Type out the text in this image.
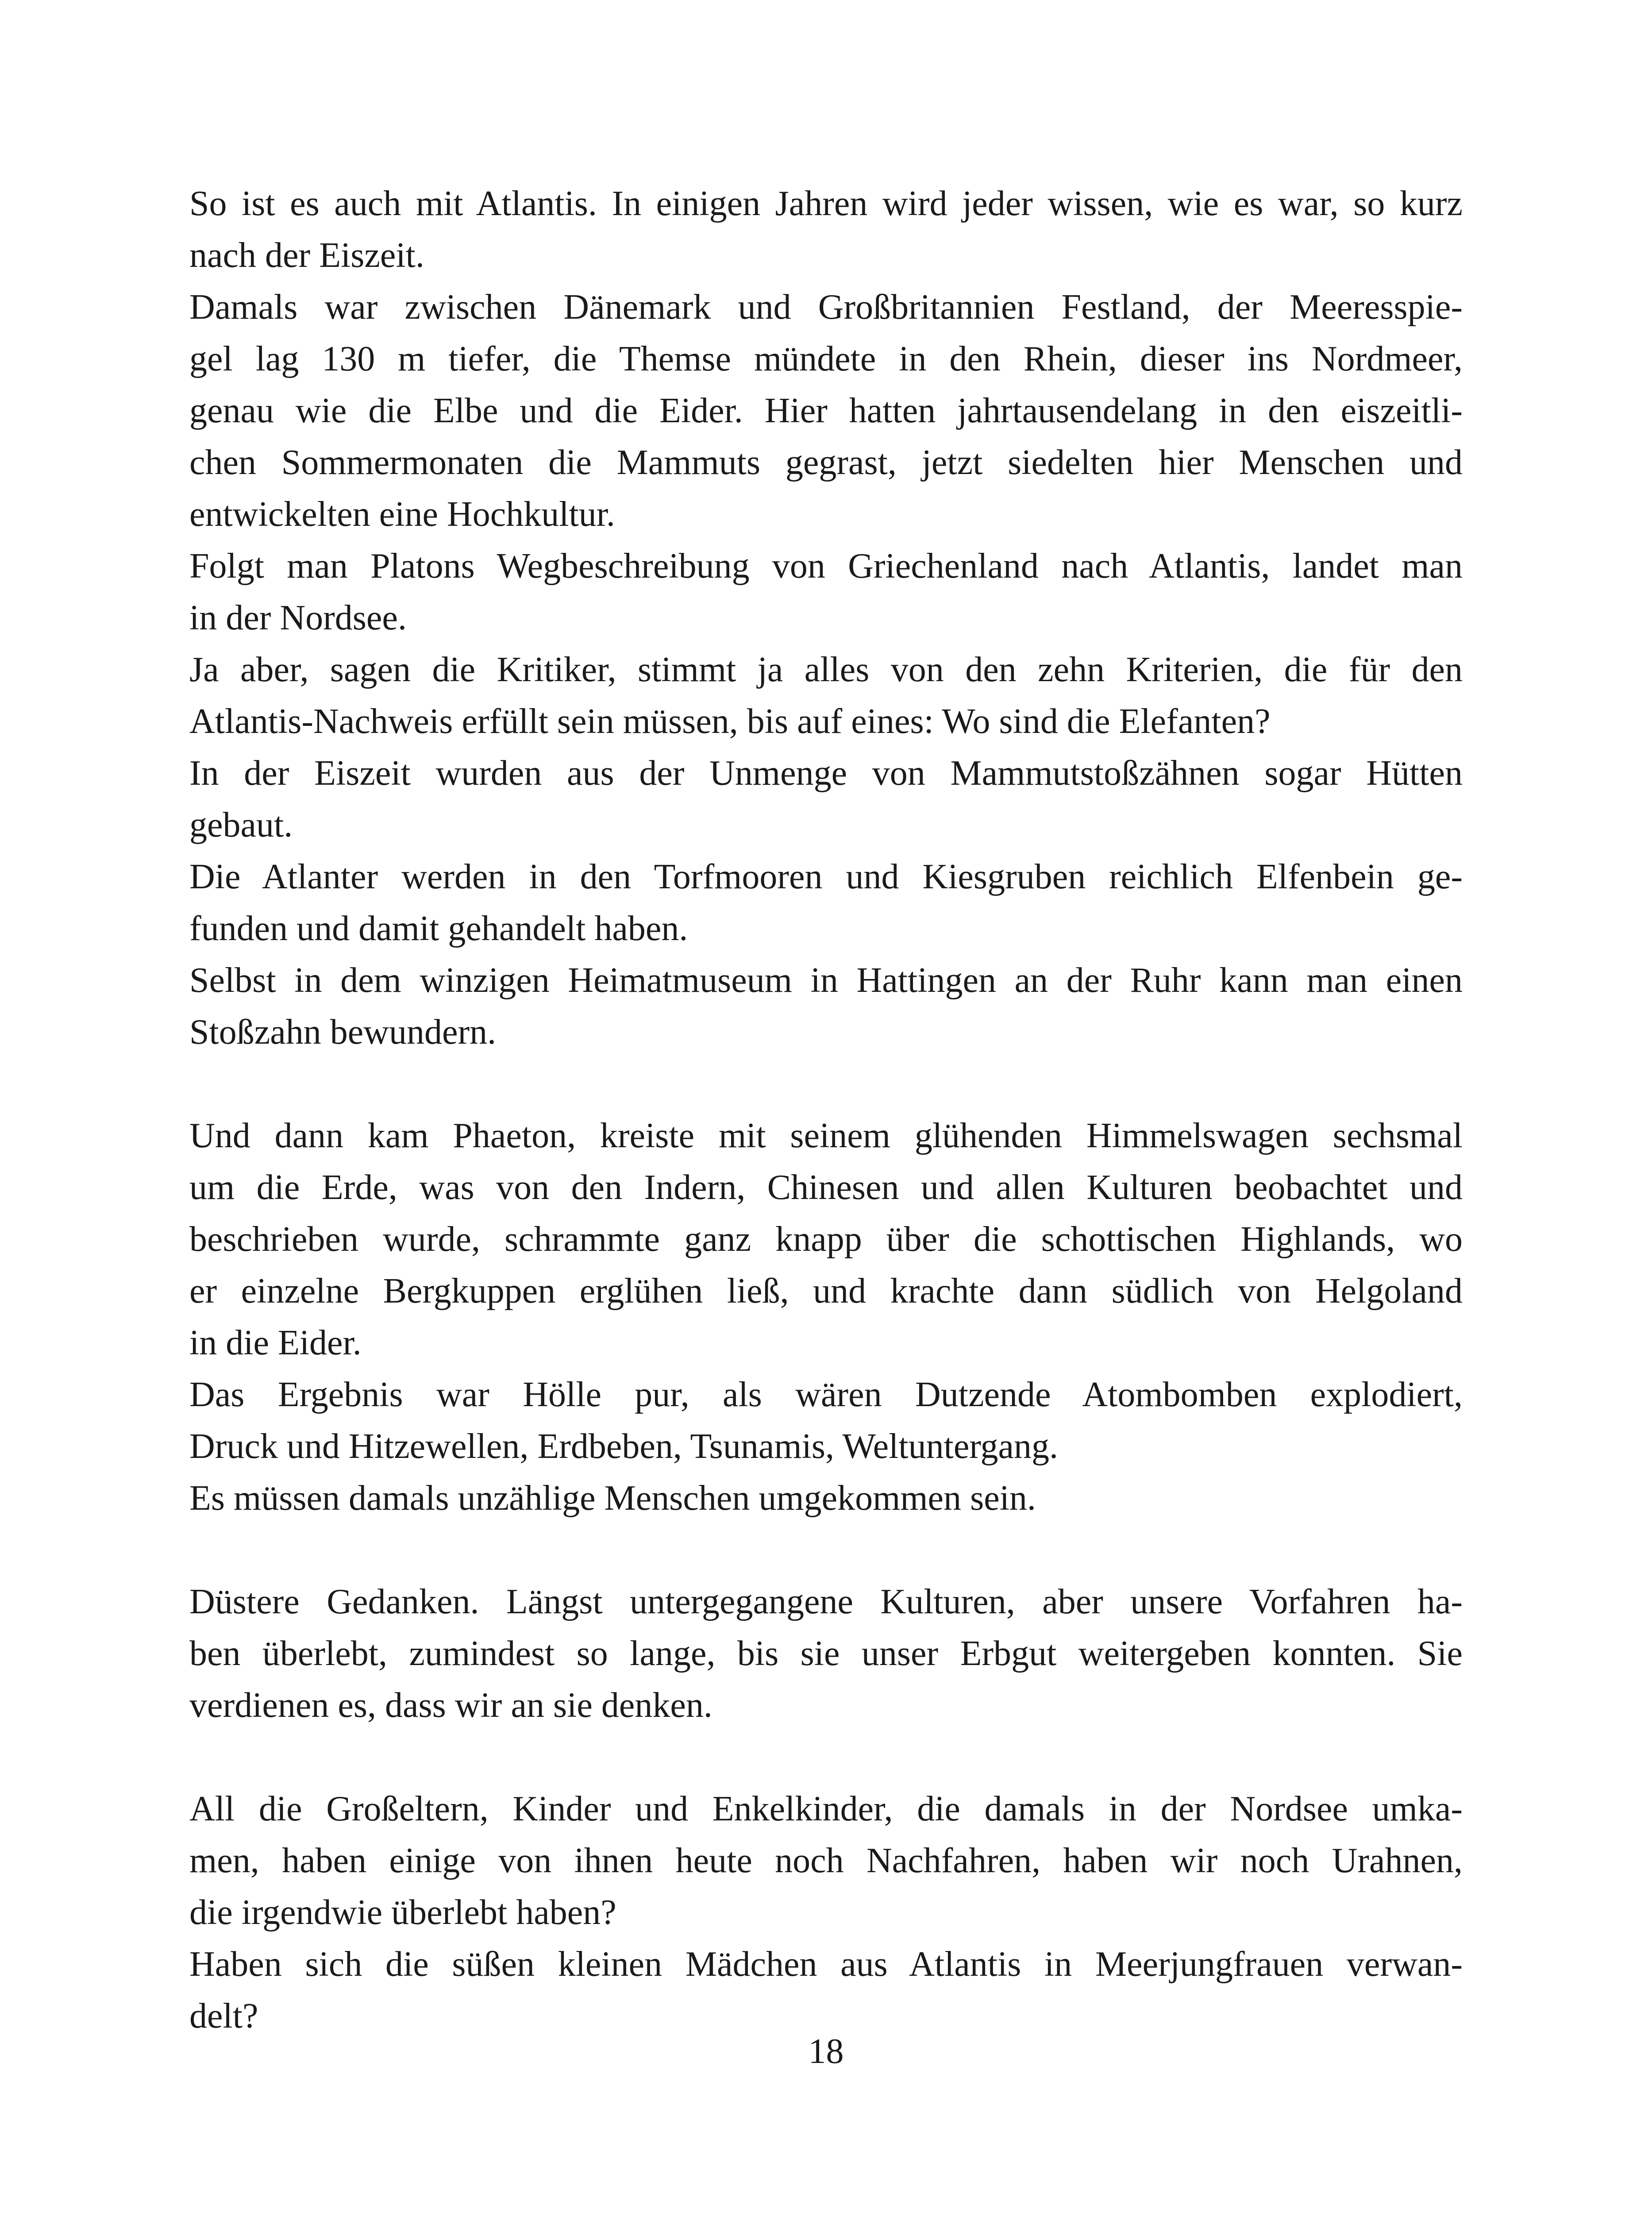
So ist es auch mit Atlantis. In einigen Jahren wird jeder wissen, wie es war, so kurz
nach der Eiszeit.
Damals war zwischen Dänemark und Großbritannien Festland, der Meeresspie-
gel lag 130 m tiefer, die Themse mündete in den Rhein, dieser ins Nordmeer,
genau wie die Elbe und die Eider. Hier hatten jahrtausendelang in den eiszeitli-
chen Sommermonaten die Mammuts gegrast, jetzt siedelten hier Menschen und
entwickelten eine Hochkultur.
Folgt man Platons Wegbeschreibung von Griechenland nach Atlantis, landet man
in der Nordsee.
Ja aber, sagen die Kritiker, stimmt ja alles von den zehn Kriterien, die für den
Atlantis-Nachweis erfüllt sein müssen, bis auf eines: Wo sind die Elefanten?
In der Eiszeit wurden aus der Unmenge von Mammutstoßzähnen sogar Hütten
gebaut.
Die Atlanter werden in den Torfmooren und Kiesgruben reichlich Elfenbein ge-
funden und damit gehandelt haben.
Selbst in dem winzigen Heimatmuseum in Hattingen an der Ruhr kann man einen
Stoßzahn bewundern.
Und dann kam Phaeton, kreiste mit seinem glühenden Himmelswagen sechsmal
um die Erde, was von den Indern, Chinesen und allen Kulturen beobachtet und
beschrieben wurde, schrammte ganz knapp über die schottischen Highlands, wo
er einzelne Bergkuppen erglühen ließ, und krachte dann südlich von Helgoland
in die Eider.
Das Ergebnis war Hölle pur, als wären Dutzende Atombomben explodiert,
Druck und Hitzewellen, Erdbeben, Tsunamis, Weltuntergang.
Es müssen damals unzählige Menschen umgekommen sein.
Düstere Gedanken. Längst untergegangene Kulturen, aber unsere Vorfahren ha-
ben überlebt, zumindest so lange, bis sie unser Erbgut weitergeben konnten. Sie
verdienen es, dass wir an sie denken.
All die Großeltern, Kinder und Enkelkinder, die damals in der Nordsee umka-
men, haben einige von ihnen heute noch Nachfahren, haben wir noch Urahnen,
die irgendwie überlebt haben?
Haben sich die süßen kleinen Mädchen aus Atlantis in Meerjungfrauen verwan-
delt?
18
